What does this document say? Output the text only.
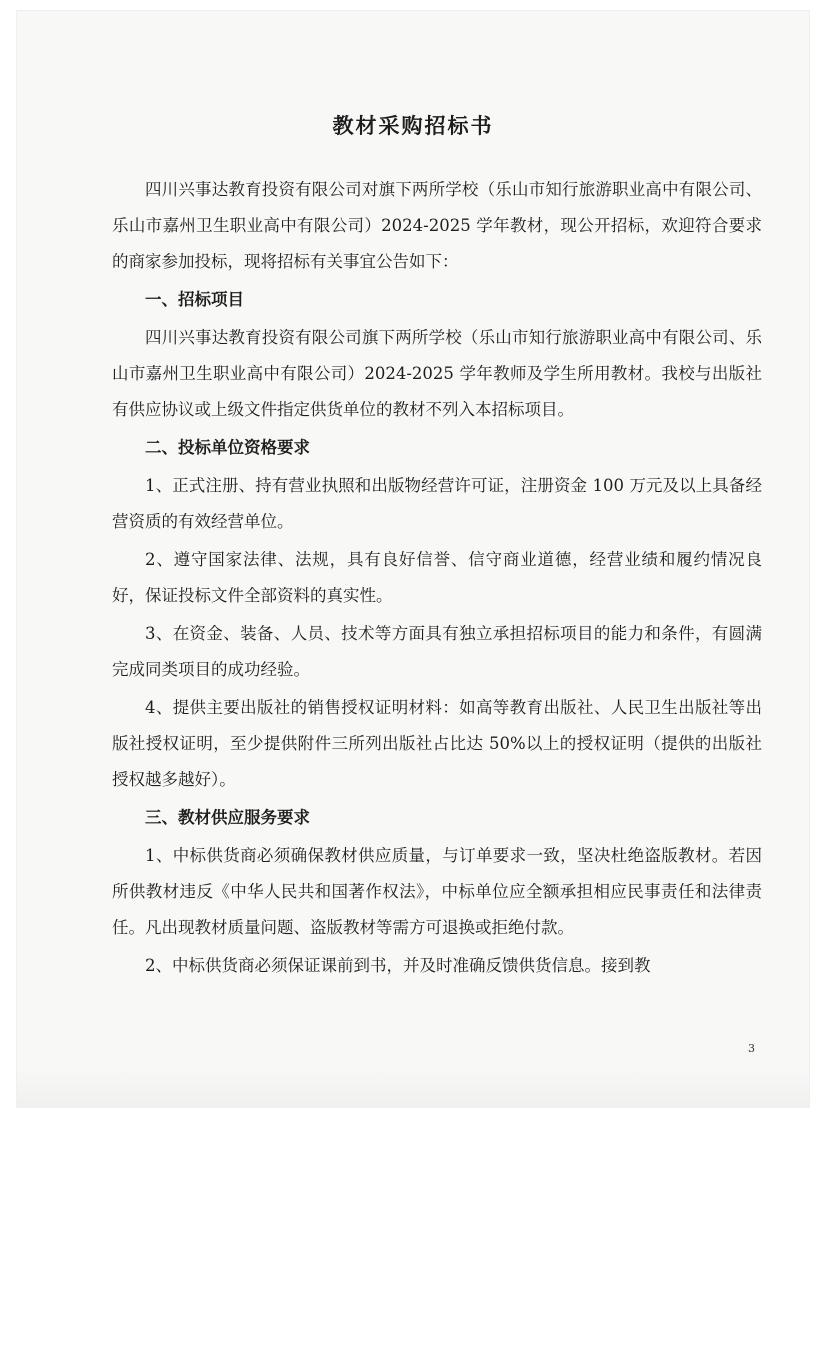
教材采购招标书

四川兴事达教育投资有限公司对旗下两所学校（乐山市知行旅游职业高中有限公司、乐山市嘉州卫生职业高中有限公司）2024-2025 学年教材，现公开招标，欢迎符合要求的商家参加投标，现将招标有关事宜公告如下：

一、招标项目

四川兴事达教育投资有限公司旗下两所学校（乐山市知行旅游职业高中有限公司、乐山市嘉州卫生职业高中有限公司）2024-2025 学年教师及学生所用教材。我校与出版社有供应协议或上级文件指定供货单位的教材不列入本招标项目。

二、投标单位资格要求

1、正式注册、持有营业执照和出版物经营许可证，注册资金 100 万元及以上具备经营资质的有效经营单位。

2、遵守国家法律、法规，具有良好信誉、信守商业道德，经营业绩和履约情况良好，保证投标文件全部资料的真实性。

3、在资金、装备、人员、技术等方面具有独立承担招标项目的能力和条件，有圆满完成同类项目的成功经验。

4、提供主要出版社的销售授权证明材料：如高等教育出版社、人民卫生出版社等出版社授权证明，至少提供附件三所列出版社占比达 50%以上的授权证明（提供的出版社授权越多越好）。

三、教材供应服务要求

1、中标供货商必须确保教材供应质量，与订单要求一致，坚决杜绝盗版教材。若因所供教材违反《中华人民共和国著作权法》，中标单位应全额承担相应民事责任和法律责任。凡出现教材质量问题、盗版教材等需方可退换或拒绝付款。

2、中标供货商必须保证课前到书，并及时准确反馈供货信息。接到教

3
